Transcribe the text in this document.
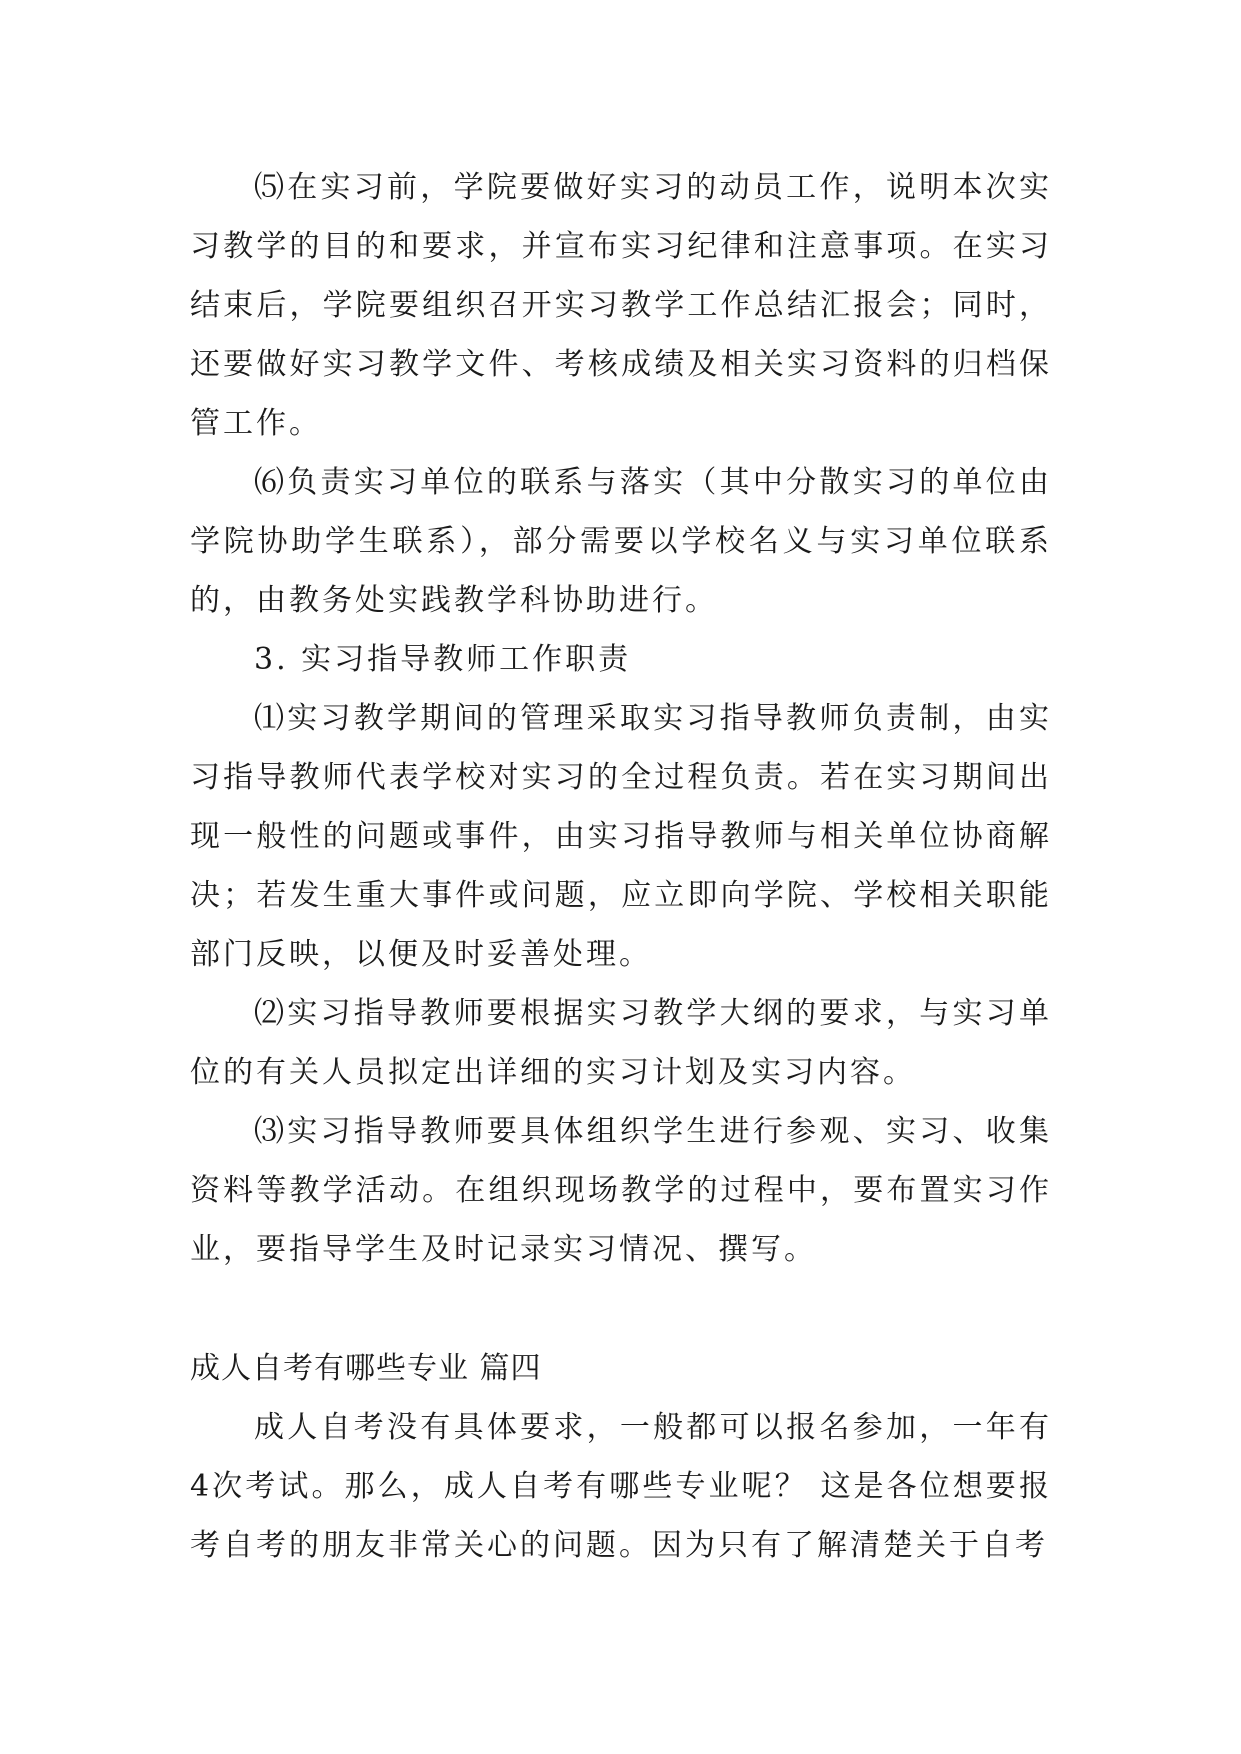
⑸在实习前，学院要做好实习的动员工作，说明本次实习教学的目的和要求，并宣布实习纪律和注意事项。在实习结束后，学院要组织召开实习教学工作总结汇报会；同时，还要做好实习教学文件、考核成绩及相关实习资料的归档保管工作。

⑹负责实习单位的联系与落实（其中分散实习的单位由学院协助学生联系），部分需要以学校名义与实习单位联系的，由教务处实践教学科协助进行。

3. 实习指导教师工作职责

⑴实习教学期间的管理采取实习指导教师负责制，由实习指导教师代表学校对实习的全过程负责。若在实习期间出现一般性的问题或事件，由实习指导教师与相关单位协商解决；若发生重大事件或问题，应立即向学院、学校相关职能部门反映，以便及时妥善处理。

⑵实习指导教师要根据实习教学大纲的要求，与实习单位的有关人员拟定出详细的实习计划及实习内容。

⑶实习指导教师要具体组织学生进行参观、实习、收集资料等教学活动。在组织现场教学的过程中，要布置实习作业，要指导学生及时记录实习情况、撰写。

成人自考有哪些专业 篇四

成人自考没有具体要求，一般都可以报名参加，一年有4次考试。那么，成人自考有哪些专业呢？ 这是各位想要报考自考的朋友非常关心的问题。因为只有了解清楚关于自考
